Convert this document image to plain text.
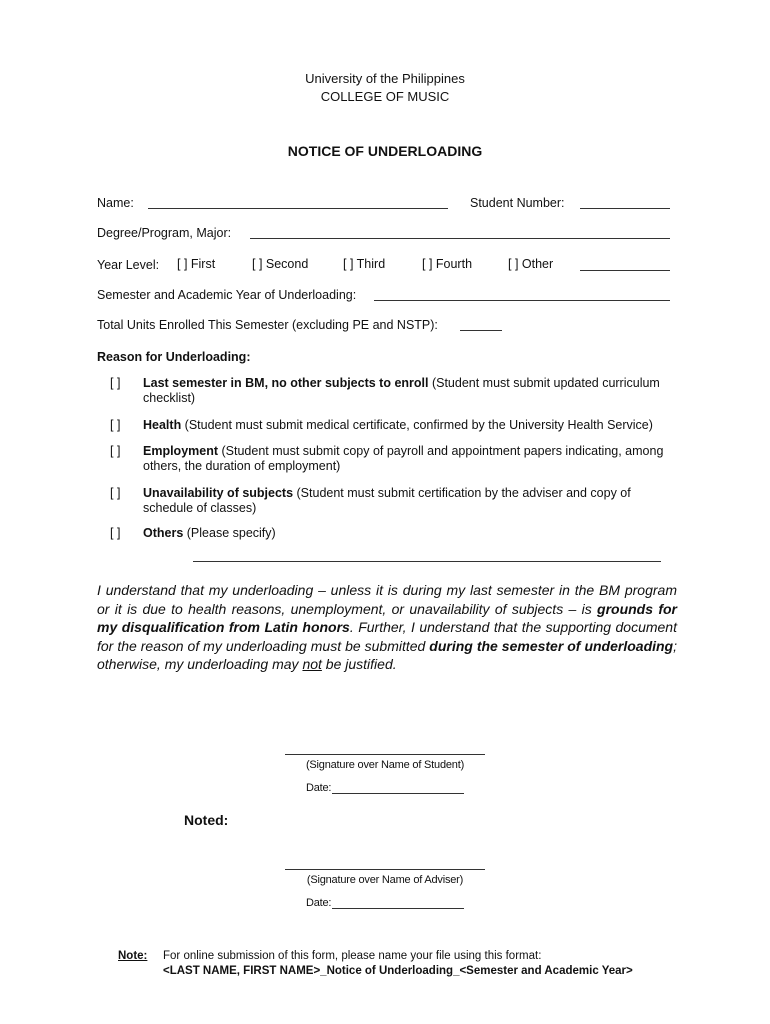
University of the Philippines
COLLEGE OF MUSIC
NOTICE OF UNDERLOADING
Name:	Student Number:
Degree/Program, Major:
Year Level: [ ] First	[ ] Second	[ ] Third	[ ] Fourth	[ ] Other
Semester and Academic Year of Underloading:
Total Units Enrolled This Semester (excluding PE and NSTP):
Reason for Underloading:
[ ] Last semester in BM, no other subjects to enroll (Student must submit updated curriculum checklist)
[ ] Health (Student must submit medical certificate, confirmed by the University Health Service)
[ ] Employment (Student must submit copy of payroll and appointment papers indicating, among others, the duration of employment)
[ ] Unavailability of subjects (Student must submit certification by the adviser and copy of schedule of classes)
[ ] Others (Please specify)
I understand that my underloading – unless it is during my last semester in the BM program or it is due to health reasons, unemployment, or unavailability of subjects – is grounds for my disqualification from Latin honors. Further, I understand that the supporting document for the reason of my underloading must be submitted during the semester of underloading; otherwise, my underloading may not be justified.
(Signature over Name of Student)
Date:
Noted:
(Signature over Name of Adviser)
Date:
Note: For online submission of this form, please name your file using this format:
<LAST NAME, FIRST NAME>_Notice of Underloading_<Semester and Academic Year>
